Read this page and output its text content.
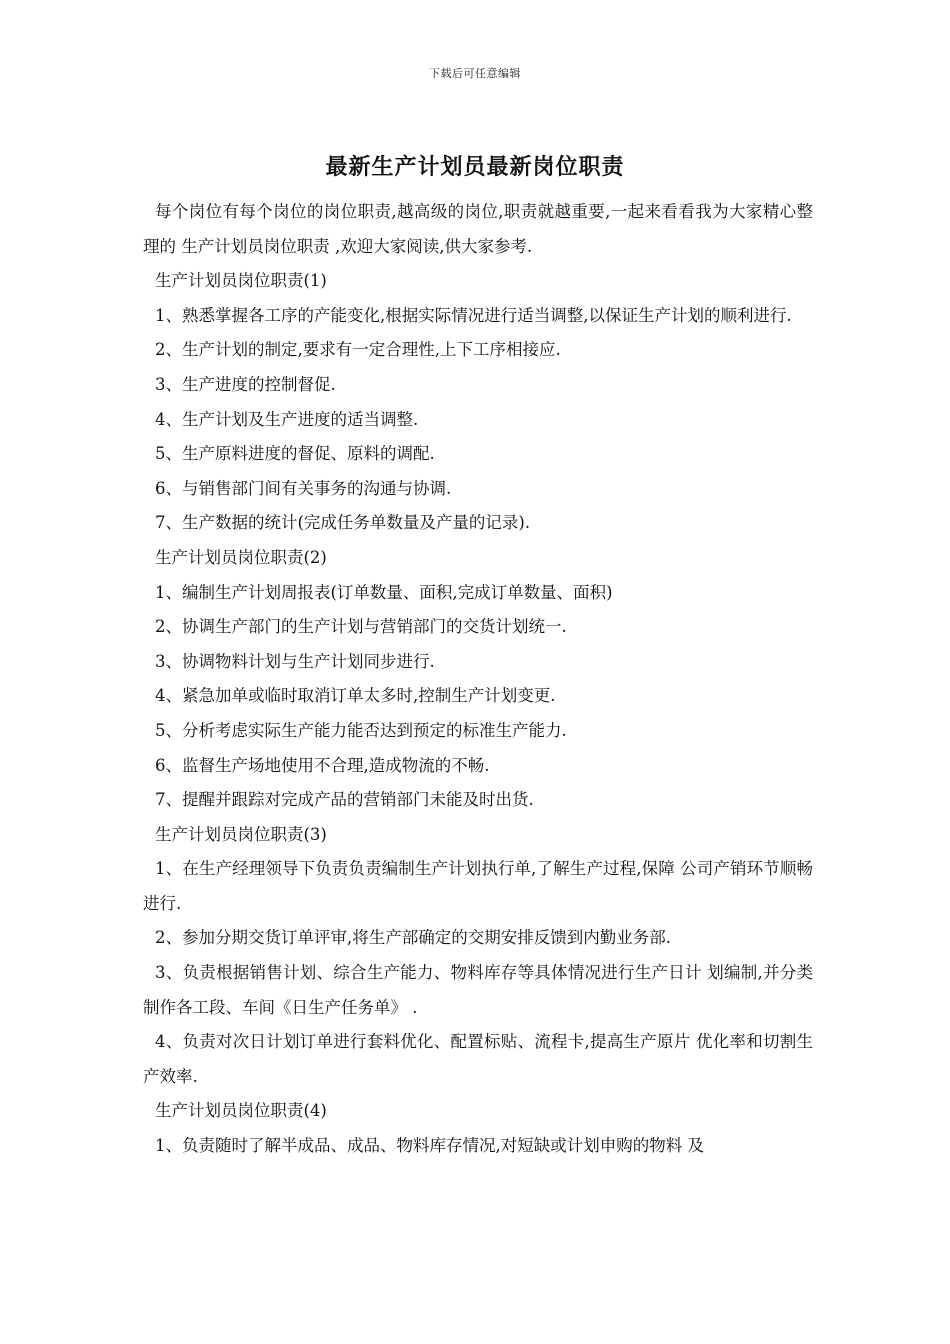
下载后可任意编辑
最新生产计划员最新岗位职责

每个岗位有每个岗位的岗位职责,越高级的岗位,职责就越重要,一起来看看我为大家精心整理的 生产计划员岗位职责 ,欢迎大家阅读,供大家参考.

生产计划员岗位职责(1)

1、熟悉掌握各工序的产能变化,根据实际情况进行适当调整,以保证生产计划的顺利进行.

2、生产计划的制定,要求有一定合理性,上下工序相接应.

3、生产进度的控制督促.

4、生产计划及生产进度的适当调整.

5、生产原料进度的督促、原料的调配.

6、与销售部门间有关事务的沟通与协调.

7、生产数据的统计(完成任务单数量及产量的记录).

生产计划员岗位职责(2)

1、编制生产计划周报表(订单数量、面积,完成订单数量、面积)

2、协调生产部门的生产计划与营销部门的交货计划统一.

3、协调物料计划与生产计划同步进行.

4、紧急加单或临时取消订单太多时,控制生产计划变更.

5、分析考虑实际生产能力能否达到预定的标准生产能力.

6、监督生产场地使用不合理,造成物流的不畅.

7、提醒并跟踪对完成产品的营销部门未能及时出货.

生产计划员岗位职责(3)

1、在生产经理领导下负责负责编制生产计划执行单,了解生产过程,保障 公司产销环节顺畅进行.

2、参加分期交货订单评审,将生产部确定的交期安排反馈到内勤业务部.

3、负责根据销售计划、综合生产能力、物料库存等具体情况进行生产日计 划编制,并分类制作各工段、车间《日生产任务单》 .

4、负责对次日计划订单进行套料优化、配置标贴、流程卡,提高生产原片 优化率和切割生产效率.

生产计划员岗位职责(4)

1、负责随时了解半成品、成品、物料库存情况,对短缺或计划申购的物料 及
